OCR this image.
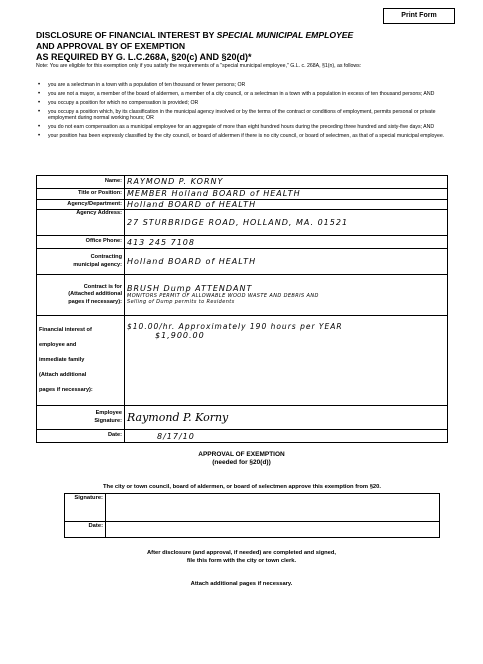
Print Form
DISCLOSURE OF FINANCIAL INTEREST BY SPECIAL MUNICIPAL EMPLOYEE
AND APPROVAL BY OF EXEMPTION
AS REQUIRED BY G. L.C.268A, §20(c) AND §20(d)*
Note: You are eligible for this exemption only if you satisfy the requirements of a "special municipal employee," G.L. c. 268A, §1(n), as follows:
• you are a selectman in a town with a population of ten thousand or fewer persons; OR
• you are not a mayor, a member of the board of aldermen, a member of a city council, or a selectman in a town with a population in excess of ten thousand persons; AND
• you occupy a position for which no compensation is provided; OR
• you occupy a position which, by its classification in the municipal agency involved or by the terms of the contract or conditions of employment, permits personal or private employment during normal working hours; OR
• you do not earn compensation as a municipal employee for an aggregate of more than eight hundred hours during the preceding three hundred and sixty-five days; AND
• your position has been expressly classified by the city council, or board of aldermen if there is no city council, or board of selectmen, as that of a special municipal employee.
Name:	RAYMOND P. KORNY
Title or Position:	MEMBER Holland BOARD of HEALTH
Agency/Department:	Holland BOARD of HEALTH
Agency Address:	27 STURBRIDGE ROAD, HOLLAND, MA. 01521
Office Phone:	413 245 7108
Contracting
municipal agency:	Holland BOARD of HEALTH
Contract is for
(Attached additional
pages if necessary):	BRUSH Dump ATTENDANT
MONITORS PERMIT OF ALLOWABLE WOOD WASTE AND DEBRIS AND
Selling of Dump permits to Residents

Financial interest of
employee and
immediate family
(Attach additional
pages if necessary):	$10.00/hr. Approximately 190 hours per YEAR
$1,900.00
Employee
Signature:	Raymond P. Korny
Date:	8/17/10
APPROVAL OF EXEMPTION
(needed for §20(d))
The city or town council, board of aldermen, or board of selectmen approve this exemption from §20.
Signature:	
Date:	
After disclosure (and approval, if needed) are completed and signed,
file this form with the city or town clerk.
Attach additional pages if necessary.
